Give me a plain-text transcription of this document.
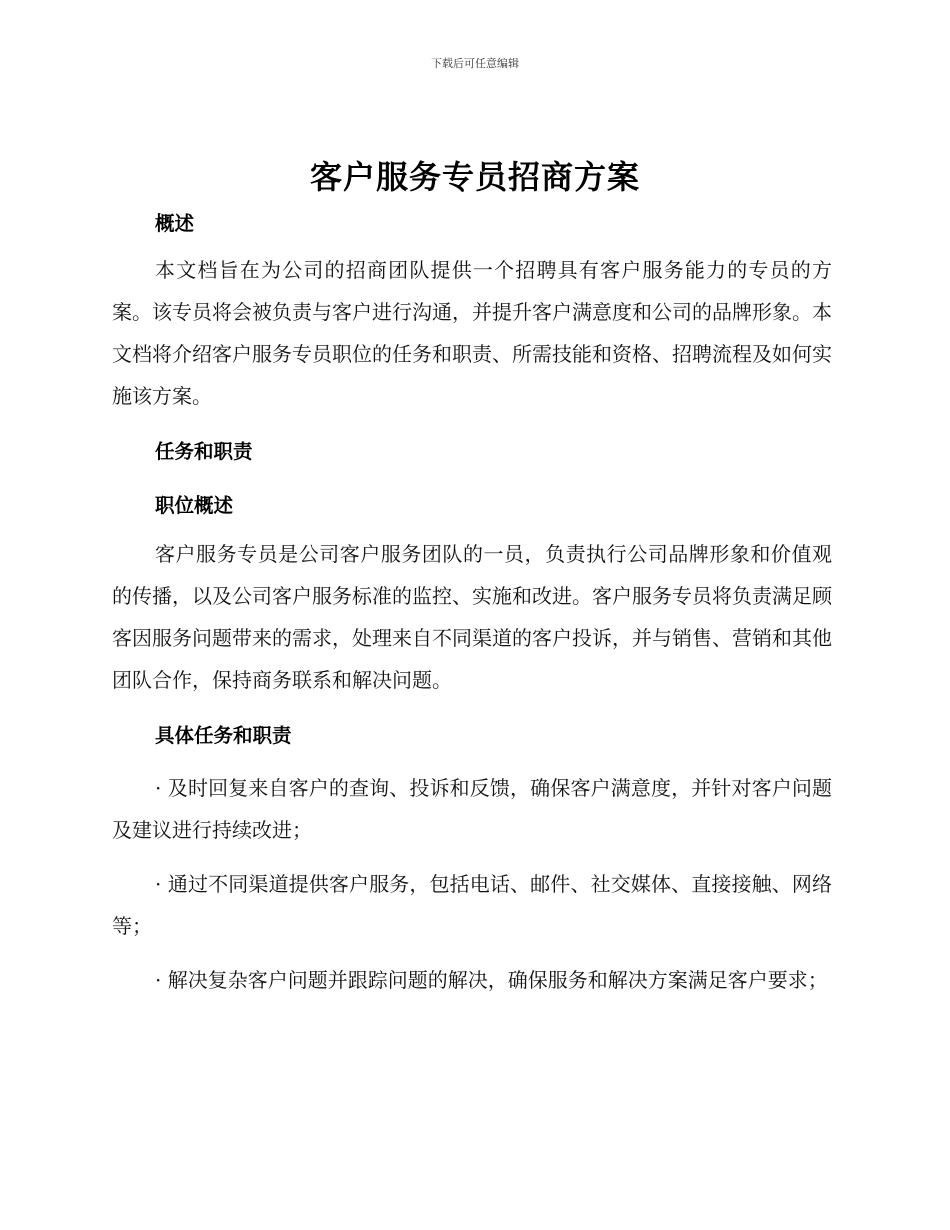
下载后可任意编辑
客户服务专员招商方案
概述
本文档旨在为公司的招商团队提供一个招聘具有客户服务能力的专员的方案。该专员将会被负责与客户进行沟通，并提升客户满意度和公司的品牌形象。本文档将介绍客户服务专员职位的任务和职责、所需技能和资格、招聘流程及如何实施该方案。
任务和职责
职位概述
客户服务专员是公司客户服务团队的一员，负责执行公司品牌形象和价值观的传播，以及公司客户服务标准的监控、实施和改进。客户服务专员将负责满足顾客因服务问题带来的需求，处理来自不同渠道的客户投诉，并与销售、营销和其他团队合作，保持商务联系和解决问题。
具体任务和职责
· 及时回复来自客户的查询、投诉和反馈，确保客户满意度，并针对客户问题及建议进行持续改进；
· 通过不同渠道提供客户服务，包括电话、邮件、社交媒体、直接接触、网络等；
· 解决复杂客户问题并跟踪问题的解决，确保服务和解决方案满足客户要求；
